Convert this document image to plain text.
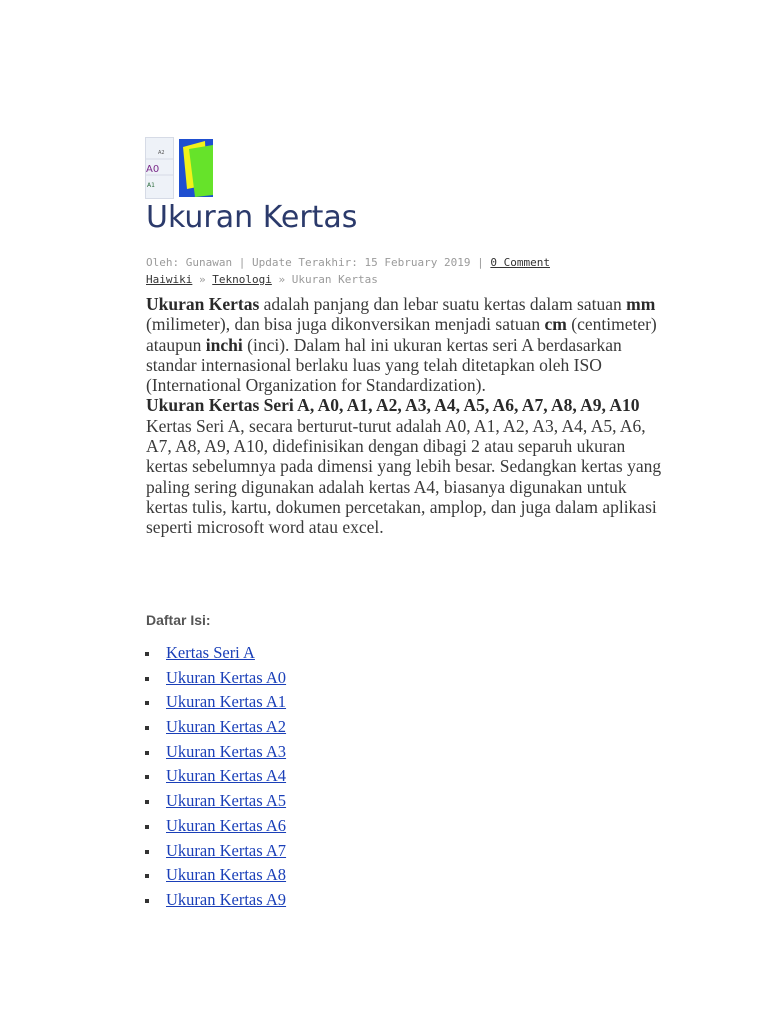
A2
A0
A1
Ukuran Kertas
Oleh: Gunawan | Update Terakhir: 15 February 2019 | 0 Comment
Haiwiki » Teknologi » Ukuran Kertas

Ukuran Kertas adalah panjang dan lebar suatu kertas dalam satuan mm (milimeter), dan bisa juga dikonversikan menjadi satuan cm (centimeter) ataupun inchi (inci). Dalam hal ini ukuran kertas seri A berdasarkan standar internasional berlaku luas yang telah ditetapkan oleh ISO (International Organization for Standardization).

Ukuran Kertas Seri A, A0, A1, A2, A3, A4, A5, A6, A7, A8, A9, A10

Kertas Seri A, secara berturut-turut adalah A0, A1, A2, A3, A4, A5, A6, A7, A8, A9, A10, didefinisikan dengan dibagi 2 atau separuh ukuran kertas sebelumnya pada dimensi yang lebih besar. Sedangkan kertas yang paling sering digunakan adalah kertas A4, biasanya digunakan untuk kertas tulis, kartu, dokumen percetakan, amplop, dan juga dalam aplikasi seperti microsoft word atau excel.

Daftar Isi:
Kertas Seri A
Ukuran Kertas A0
Ukuran Kertas A1
Ukuran Kertas A2
Ukuran Kertas A3
Ukuran Kertas A4
Ukuran Kertas A5
Ukuran Kertas A6
Ukuran Kertas A7
Ukuran Kertas A8
Ukuran Kertas A9
